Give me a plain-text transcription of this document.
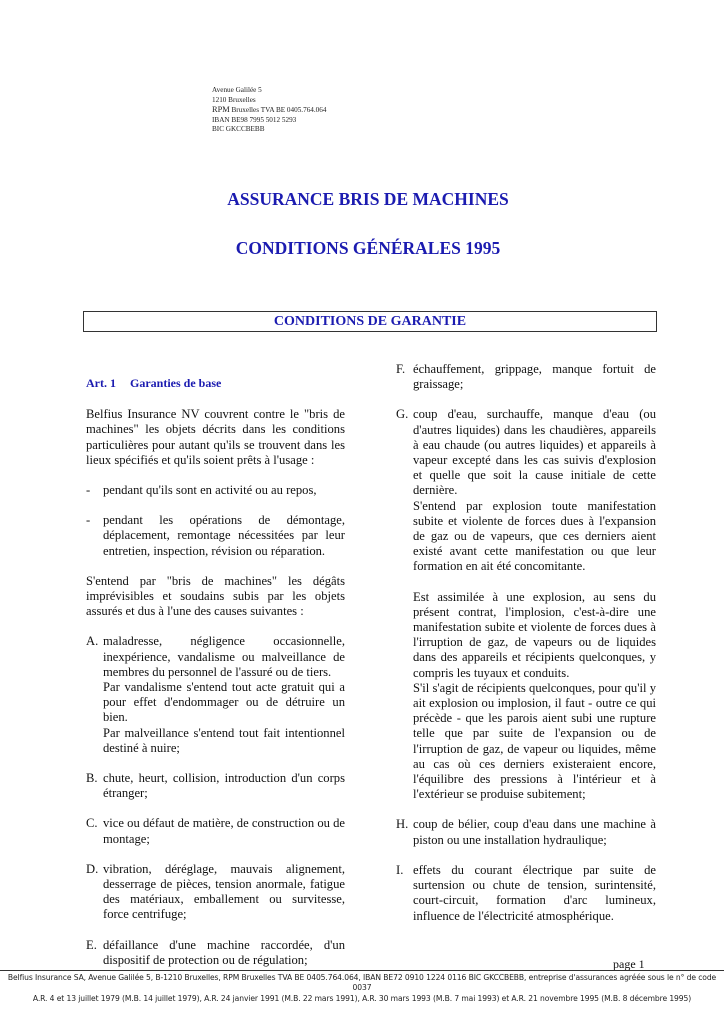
Avenue Galilée 5
1210 Bruxelles
RPM Bruxelles TVA BE 0405.764.064
IBAN BE98 7995 5012 5293
BIC GKCCBEBB
ASSURANCE BRIS DE MACHINES
CONDITIONS GÉNÉRALES 1995
CONDITIONS DE GARANTIE
Art. 1 Garanties de base

Belfius Insurance NV couvrent contre le "bris de machines" les objets décrits dans les conditions particulières pour autant qu'ils se trouvent dans les lieux spécifiés et qu'ils soient prêts à l'usage :

-	pendant qu'ils sont en activité ou au repos,

-	pendant les opérations de démontage, déplacement, remontage nécessitées par leur entretien, inspection, révision ou réparation.

S'entend par "bris de machines" les dégâts imprévisibles et soudains subis par les objets assurés et dus à l'une des causes suivantes :

A. maladresse, négligence occasionnelle, inexpérience, vandalisme ou malveillance de membres du personnel de l'assuré ou de tiers.

Par vandalisme s'entend tout acte gratuit qui a pour effet d'endommager ou de détruire un bien.

Par malveillance s'entend tout fait intentionnel destiné à nuire;

B. chute, heurt, collision, introduction d'un corps étranger;

C. vice ou défaut de matière, de construction ou de montage;

D. vibration, déréglage, mauvais alignement, desserrage de pièces, tension anormale, fatigue des matériaux, emballement ou survitesse, force centrifuge;

E. défaillance d'une machine raccordée, d'un dispositif de protection ou de régulation;

F. échauffement, grippage, manque fortuit de graissage;

G. coup d'eau, surchauffe, manque d'eau (ou d'autres liquides) dans les chaudières, appareils à eau chaude (ou autres liquides) et appareils à vapeur excepté dans les cas suivis d'explosion et quelle que soit la cause initiale de cette dernière.

S'entend par explosion toute manifestation subite et violente de forces dues à l'expansion de gaz ou de vapeurs, que ces derniers aient existé avant cette manifestation ou que leur formation en ait été concomitante.

Est assimilée à une explosion, au sens du présent contrat, l'implosion, c'est-à-dire une manifestation subite et violente de forces dues à l'irruption de gaz, de vapeurs ou de liquides dans des appareils et récipients quelconques, y compris les tuyaux et conduits.

S'il s'agit de récipients quelconques, pour qu'il y ait explosion ou implosion, il faut - outre ce qui précède - que les parois aient subi une rupture telle que par suite de l'expansion ou de l'irruption de gaz, de vapeur ou liquides, même au cas où ces derniers existeraient encore, l'équilibre des pressions à l'intérieur et à l'extérieur se produise subitement;

H. coup de bélier, coup d'eau dans une machine à piston ou une installation hydraulique;

I. effets du courant électrique par suite de surtension ou chute de tension, surintensité, court-circuit, formation d'arc lumineux, influence de l'électricité atmosphérique.

page 1
Belfius Insurance SA, Avenue Galilée 5, B-1210 Bruxelles, RPM Bruxelles TVA BE 0405.764.064, IBAN BE72 0910 1224 0116 BIC GKCCBEBB, entreprise d'assurances agréée sous le n° de code 0037
A.R. 4 et 13 juillet 1979 (M.B. 14 juillet 1979), A.R. 24 janvier 1991 (M.B. 22 mars 1991), A.R. 30 mars 1993 (M.B. 7 mai 1993) et A.R. 21 novembre 1995 (M.B. 8 décembre 1995)
